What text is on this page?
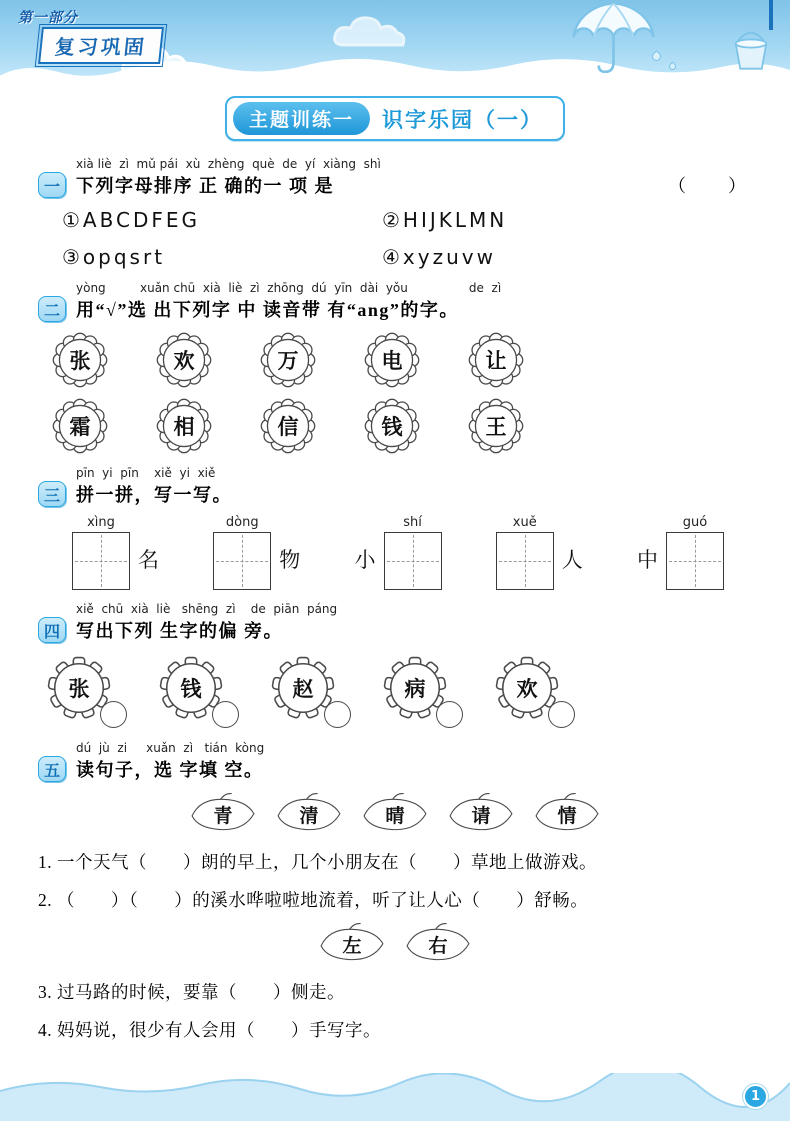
第一部分
复习巩固
主题训练一	识字乐园（一）
xià liè  zì  mǔ pái  xù  zhèng  què  de  yí  xiàng  shì
一 下列字母排序 正 确的一 项 是	（　　）
①ABCDFEG	②HIJKLMN
③opqsrt	④xyzuvw
yòng         xuǎn chū  xià  liè  zì  zhōng  dú  yīn  dài  yǒu                de  zì
二 用“√”选 出下列字 中 读音带 有“ang”的字。
张	欢	万	电	让
霜	相	信	钱	王
pīn  yi  pīn    xiě  yi  xiě
三 拼一拼，写一写。
xìng
名
dòng
物	小
shí	xuě
人	中
guó
xiě  chū  xià  liè   shēng  zì    de  piān  páng
四 写出下列 生字的偏 旁。
张	钱	赵	病	欢
dú  jù  zi     xuǎn  zì   tián  kòng
五 读句子，选 字填 空。
青	清	晴	请	情
1. 一个天气（　　）朗的早上，几个小朋友在（　　）草地上做游戏。
2. （　　）（　　）的溪水哗啦啦地流着，听了让人心（　　）舒畅。
左	右
3. 过马路的时候，要靠（　　）侧走。
4. 妈妈说，很少有人会用（　　）手写字。
1
